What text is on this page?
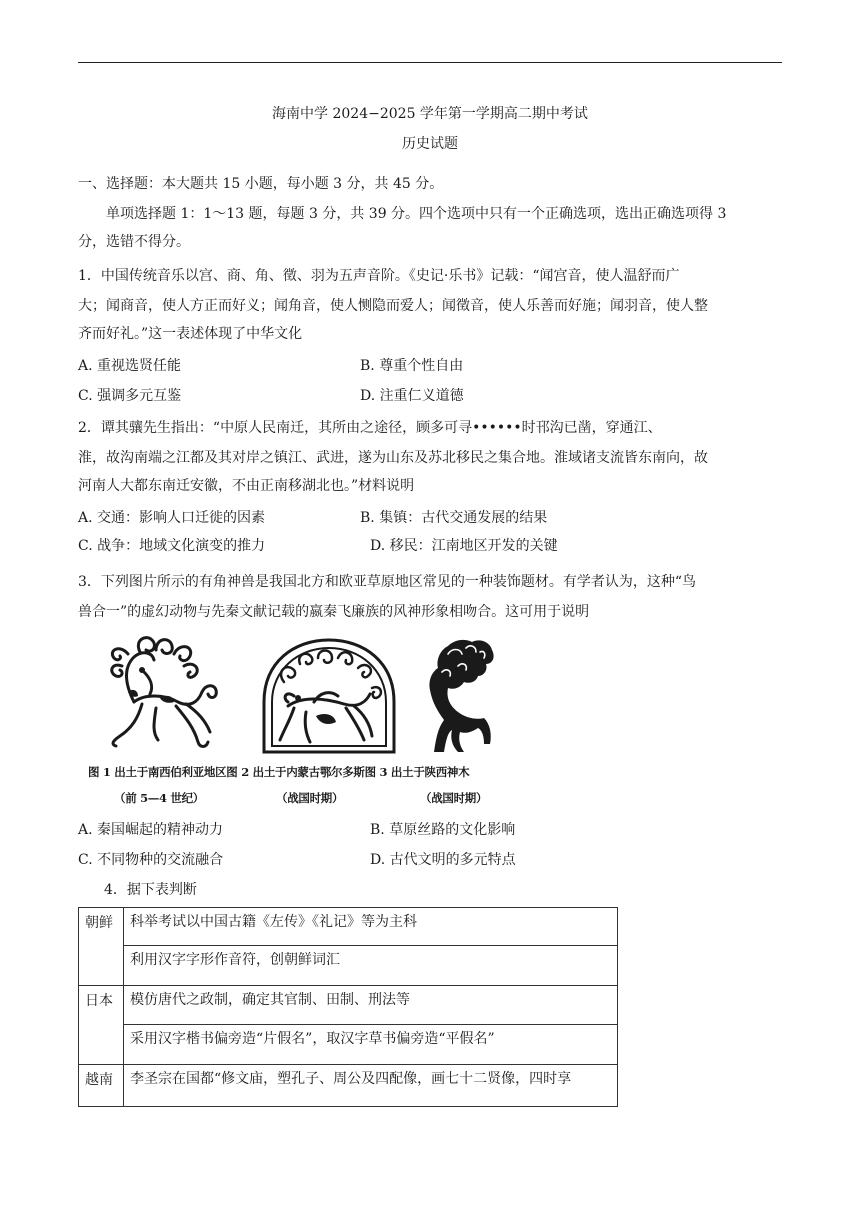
海南中学 2024−2025 学年第一学期高二期中考试
历史试题
一、选择题：本大题共 15 小题，每小题 3 分，共 45 分。
单项选择题 1：1～13 题，每题 3 分，共 39 分。四个选项中只有一个正确选项，选出正确选项得 3
分，选错不得分。
1．中国传统音乐以宫、商、角、徵、羽为五声音阶。《史记·乐书》记载：“闻宫音，使人温舒而广
大；闻商音，使人方正而好义；闻角音，使人恻隐而爱人；闻徵音，使人乐善而好施；闻羽音，使人整
齐而好礼。”这一表述体现了中华文化
A. 重视选贤任能	B. 尊重个性自由
C. 强调多元互鉴	D. 注重仁义道德
2．谭其骧先生指出：“中原人民南迁，其所由之途径，顾多可寻••••••时邗沟已凿，穿通江、
淮，故沟南端之江都及其对岸之镇江、武进，遂为山东及苏北移民之集合地。淮域诸支流皆东南向，故
河南人大都东南迁安徽，不由正南移湖北也。”材料说明
A. 交通：影响人口迁徙的因素	B. 集镇：古代交通发展的结果
C. 战争：地域文化演变的推力	D. 移民：江南地区开发的关键
3．下列图片所示的有角神兽是我国北方和欧亚草原地区常见的一种装饰题材。有学者认为，这种“鸟
兽合一”的虚幻动物与先秦文献记载的嬴秦飞廉族的风神形象相吻合。这可用于说明
图 1 出土于南西伯利亚地区图 2 出土于内蒙古鄂尔多斯图 3 出土于陕西神木
（前 5—4 世纪）	（战国时期）	（战国时期）
A. 秦国崛起的精神动力	B. 草原丝路的文化影响
C. 不同物种的交流融合	D. 古代文明的多元特点
4．据下表判断
朝鲜	科举考试以中国古籍《左传》《礼记》等为主科
	利用汉字字形作音符，创朝鲜词汇
日本	模仿唐代之政制，确定其官制、田制、刑法等
	采用汉字楷书偏旁造“片假名”，取汉字草书偏旁造“平假名”
越南	李圣宗在国都“修文庙，塑孔子、周公及四配像，画七十二贤像，四时享
